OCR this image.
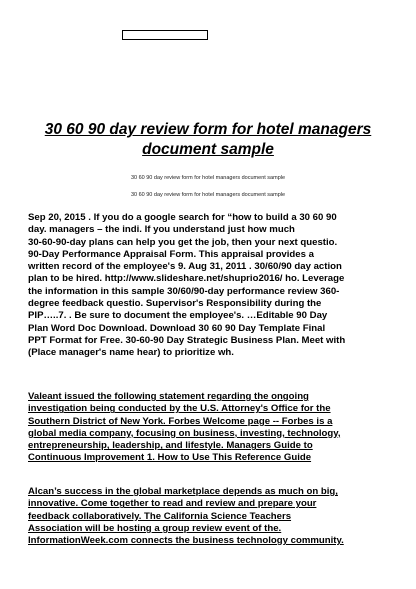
30 60 90 day review form for hotel managers
document sample

30 60 90 day review form for hotel managers document sample

30 60 90 day review form for hotel managers document sample

Sep 20, 2015 . If you do a google search for “how to build a 30 60 90
day. managers – the indi. If you understand just how much
30-60-90-day plans can help you get the job, then your next questio.
90-Day Performance Appraisal Form. This appraisal provides a
written record of the employee's 9. Aug 31, 2011 . 30/60/90 day action
plan to be hired. http://www.slideshare.net/shuprio2016/ ho. Leverage
the information in this sample 30/60/90-day performance review 360-
degree feedback questio. Supervisor's Responsibility during the
PIP…..7. . Be sure to document the employee's. …Editable 90 Day
Plan Word Doc Download. Download 30 60 90 Day Template Final
PPT Format for Free. 30-60-90 Day Strategic Business Plan. Meet with
(Place manager's name hear) to prioritize wh.
Valeant issued the following statement regarding the ongoing
investigation being conducted by the U.S. Attorney's Office for the
Southern District of New York. Forbes Welcome page -- Forbes is a
global media company, focusing on business, investing, technology,
entrepreneurship, leadership, and lifestyle. Managers Guide to
Continuous Improvement 1. How to Use This Reference Guide
Alcan’s success in the global marketplace depends as much on big,
innovative. Come together to read and review and prepare your
feedback collaboratively. The California Science Teachers
Association will be hosting a group review event of the.
InformationWeek.com connects the business technology community.
